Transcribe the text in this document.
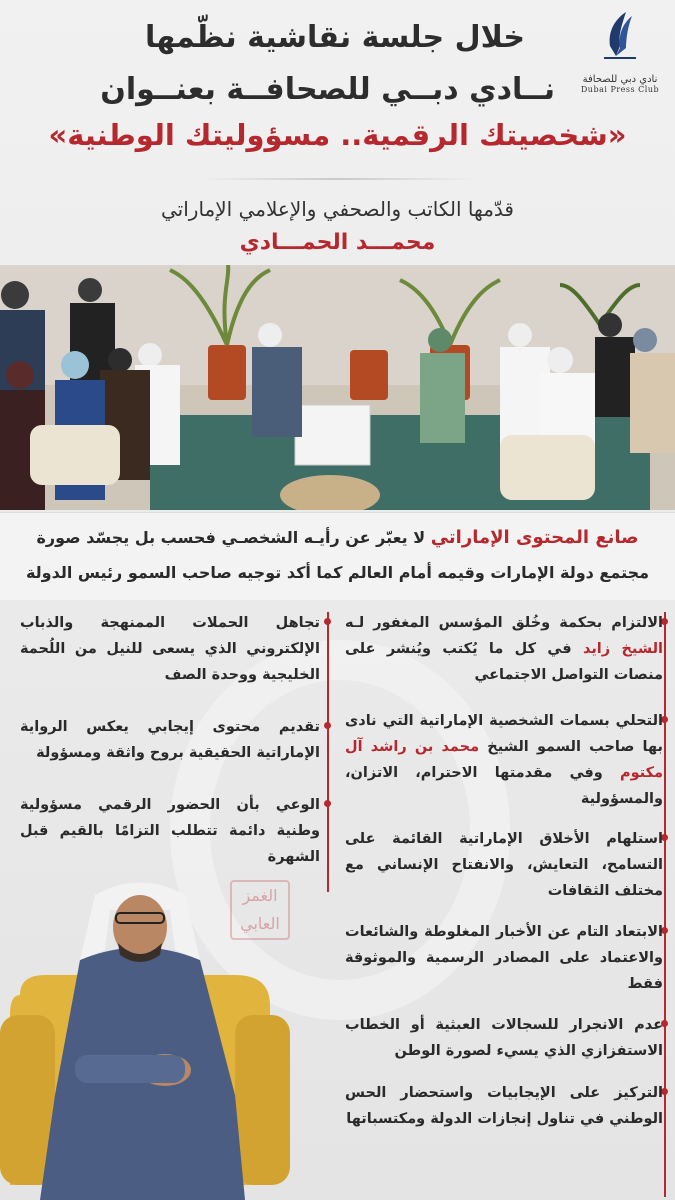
نادي دبي للصحافة
Dubai Press Club
خلال جلسة نقاشية نظّمها
نــادي دبــي للصحافــة بعنــوان
«شخصيتك الرقمية.. مسؤوليتك الوطنية»
قدّمها الكاتب والصحفي والإعلامي الإماراتي
محمـــد الحمـــادي
صانع المحتوى الإماراتي لا يعبّر عن رأيـه الشخصـي فحسب بل يجسّد صورة
مجتمع دولة الإمارات وقيمه أمام العالم كما أكد توجيه صاحب السمو رئيس الدولة
الالتزام بحكمة وخُلق المؤسس المغفور لـه الشيخ زايد في كل ما يُكتب ويُنشر على منصات التواصل الاجتماعي
التحلي بسمات الشخصية الإماراتية التي نادى بها صاحب السمو الشيخ محمد بن راشد آل مكتوم وفي مقدمتها الاحترام، الاتزان، والمسؤولية
استلهام الأخلاق الإماراتية القائمة على التسامح، التعايش، والانفتاح الإنساني مع مختلف الثقافات
الابتعاد التام عن الأخبار المغلوطة والشائعات والاعتماد على المصادر الرسمية والموثوقة فقط
عدم الانجرار للسجالات العبثية أو الخطاب الاستفزازي الذي يسيء لصورة الوطن
التركيز على الإيجابيات واستحضار الحس الوطني في تناول إنجازات الدولة ومكتسباتها
تجاهل الحملات الممنهجة والذباب الإلكتروني الذي يسعى للنيل من اللُحمة الخليجية ووحدة الصف
تقديم محتوى إيجابي يعكس الرواية الإماراتية الحقيقية بروح واثقة ومسؤولة
الوعي بأن الحضور الرقمي مسؤولية وطنية دائمة تتطلب التزامًا بالقيم قبل الشهرة
الغمز العابي
